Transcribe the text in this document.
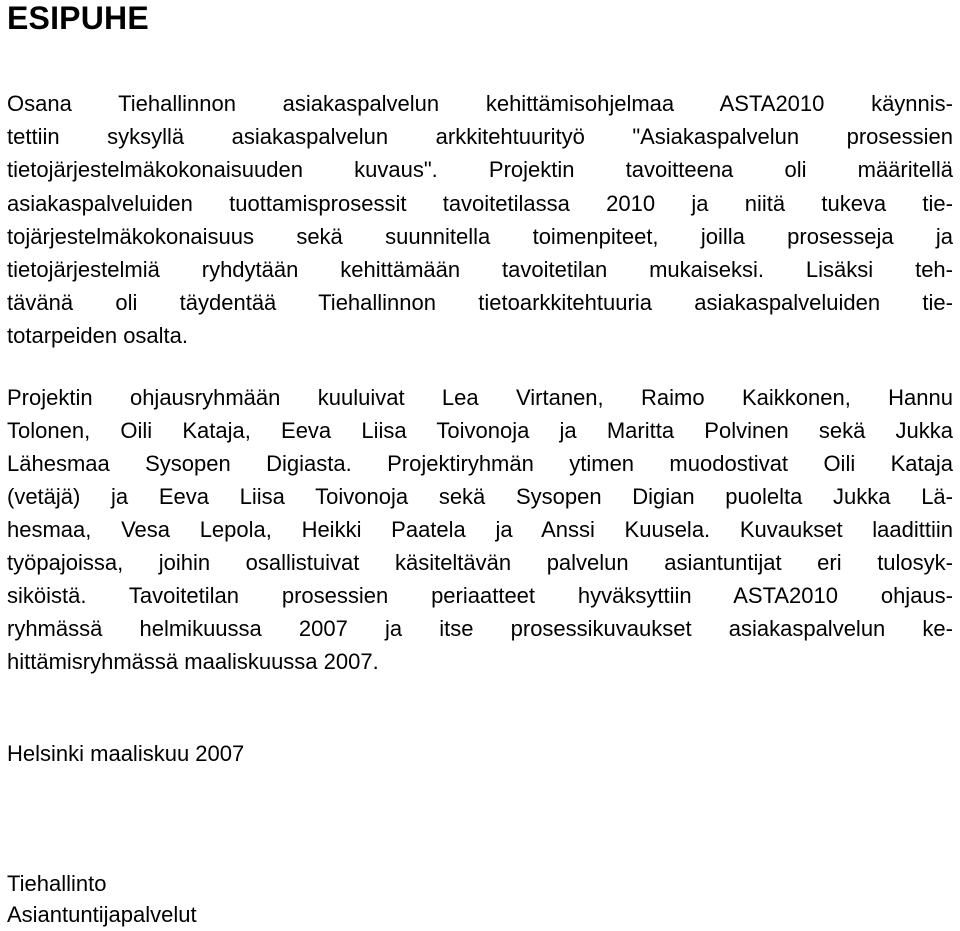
ESIPUHE
Osana Tiehallinnon asiakaspalvelun kehittämisohjelmaa ASTA2010 käynnis-
tettiin syksyllä asiakaspalvelun arkkitehtuurityö "Asiakaspalvelun prosessien
tietojärjestelmäkokonaisuuden kuvaus". Projektin tavoitteena oli määritellä
asiakaspalveluiden tuottamisprosessit tavoitetilassa 2010 ja niitä tukeva tie-
tojärjestelmäkokonaisuus sekä suunnitella toimenpiteet, joilla prosesseja ja
tietojärjestelmiä ryhdytään kehittämään tavoitetilan mukaiseksi. Lisäksi teh-
tävänä oli täydentää Tiehallinnon tietoarkkitehtuuria asiakaspalveluiden tie-
totarpeiden osalta.
Projektin ohjausryhmään kuuluivat Lea Virtanen, Raimo Kaikkonen, Hannu
Tolonen, Oili Kataja, Eeva Liisa Toivonoja ja Maritta Polvinen sekä Jukka
Lähesmaa Sysopen Digiasta. Projektiryhmän ytimen muodostivat Oili Kataja
(vetäjä) ja Eeva Liisa Toivonoja sekä Sysopen Digian puolelta Jukka Lä-
hesmaa, Vesa Lepola, Heikki Paatela ja Anssi Kuusela. Kuvaukset laadittiin
työpajoissa, joihin osallistuivat käsiteltävän palvelun asiantuntijat eri tulosyk-
siköistä. Tavoitetilan prosessien periaatteet hyväksyttiin ASTA2010 ohjaus-
ryhmässä helmikuussa 2007 ja itse prosessikuvaukset asiakaspalvelun ke-
hittämisryhmässä maaliskuussa 2007.
Helsinki maaliskuu 2007
Tiehallinto
Asiantuntijapalvelut
